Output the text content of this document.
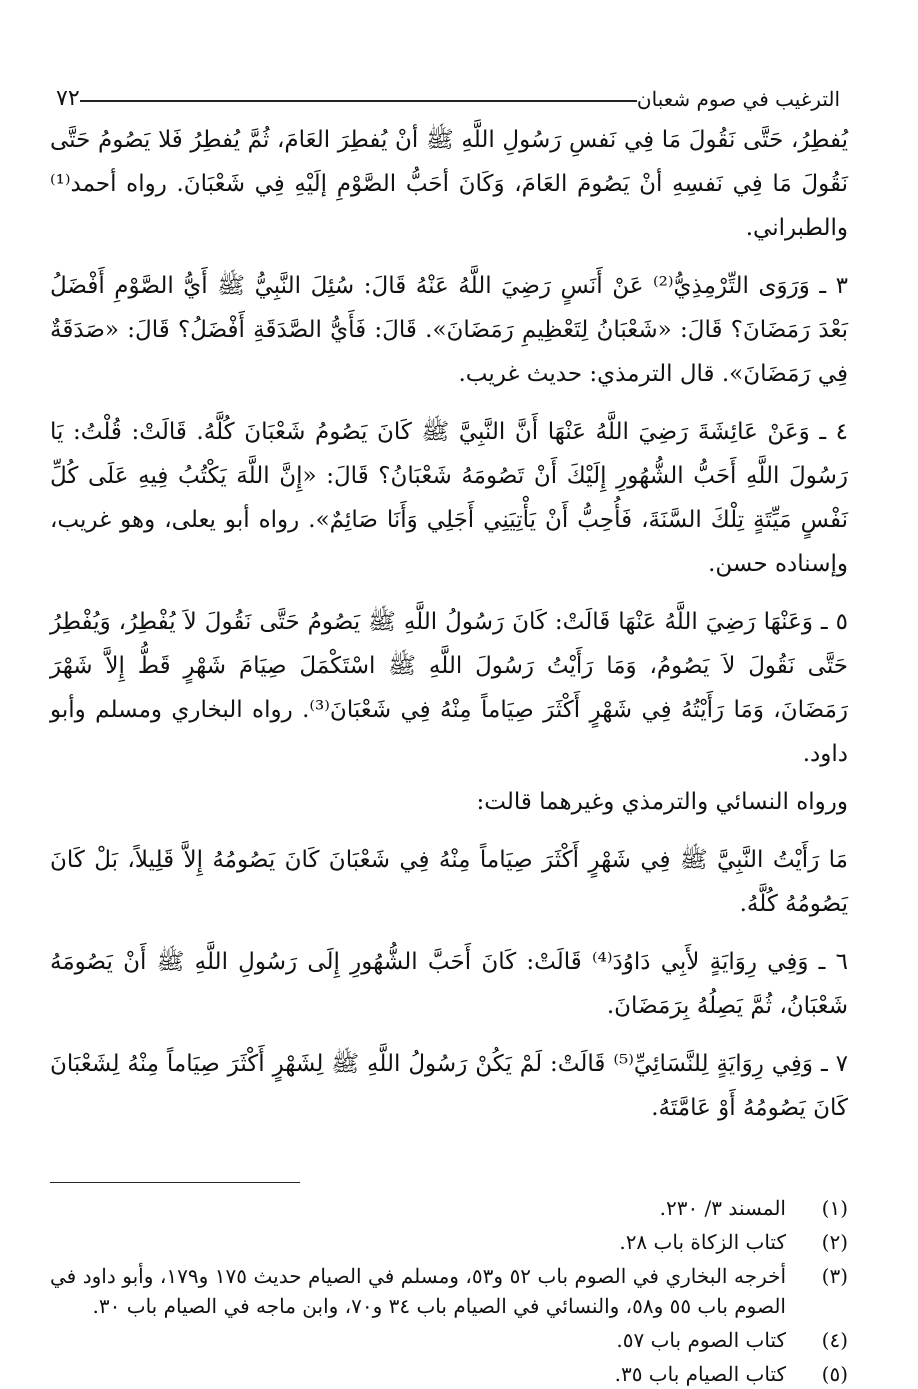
الترغيب في صوم شعبان
٧٢

يُفطِرُ، حَتَّى نَقُولَ مَا فِي نَفسِ رَسُولِ اللَّهِ ﷺ أنْ يُفطِرَ العَامَ، ثُمَّ يُفطِرُ فَلا يَصُومُ حَتَّى نَقُولَ مَا فِي نَفسِهِ أنْ يَصُومَ العَامَ، وَكَانَ أحَبُّ الصَّوْمِ إلَيْهِ فِي شَعْبَانَ. رواه أحمد⁽¹⁾ والطبراني.

٣ ـ وَرَوَى التِّرْمِذِيُّ⁽²⁾ عَنْ أَنَسٍ رَضِيَ اللَّهُ عَنْهُ قَالَ: سُئِلَ النَّبِيُّ ﷺ أَيُّ الصَّوْمِ أَفْضَلُ بَعْدَ رَمَضَانَ؟ قَالَ: «شَعْبَانُ لِتَعْظِيمِ رَمَضَانَ». قَالَ: فَأَيُّ الصَّدَقَةِ أَفْضَلُ؟ قَالَ: «صَدَقَةٌ فِي رَمَضَانَ». قال الترمذي: حديث غريب.

٤ ـ وَعَنْ عَائِشَةَ رَضِيَ اللَّهُ عَنْهَا أَنَّ النَّبِيَّ ﷺ كَانَ يَصُومُ شَعْبَانَ كُلَّهُ. قَالَتْ: قُلْتُ: يَا رَسُولَ اللَّهِ أَحَبُّ الشُّهُورِ إِلَيْكَ أَنْ تَصُومَهُ شَعْبَانُ؟ قَالَ: «إِنَّ اللَّهَ يَكْتُبُ فِيهِ عَلَى كُلِّ نَفْسٍ مَيِّتَةٍ تِلْكَ السَّنَةَ، فَأُحِبُّ أَنْ يَأْتِيَنِي أَجَلِي وَأَنَا صَائِمٌ». رواه أبو يعلى، وهو غريب، وإسناده حسن.

٥ ـ وَعَنْهَا رَضِيَ اللَّهُ عَنْهَا قَالَتْ: كَانَ رَسُولُ اللَّهِ ﷺ يَصُومُ حَتَّى نَقُولَ لاَ يُفْطِرُ، وَيُفْطِرُ حَتَّى نَقُولَ لاَ يَصُومُ، وَمَا رَأَيْتُ رَسُولَ اللَّهِ ﷺ اسْتَكْمَلَ صِيَامَ شَهْرٍ قَطُّ إِلاَّ شَهْرَ رَمَضَانَ، وَمَا رَأَيْتُهُ فِي شَهْرٍ أَكْثَرَ صِيَاماً مِنْهُ فِي شَعْبَانَ⁽³⁾. رواه البخاري ومسلم وأبو داود.

ورواه النسائي والترمذي وغيرهما قالت:

مَا رَأَيْتُ النَّبِيَّ ﷺ فِي شَهْرٍ أَكْثَرَ صِيَاماً مِنْهُ فِي شَعْبَانَ كَانَ يَصُومُهُ إِلاَّ قَلِيلاً، بَلْ كَانَ يَصُومُهُ كُلَّهُ.

٦ ـ وَفِي رِوَايَةٍ لأَبِي دَاوُدَ⁽⁴⁾ قَالَتْ: كَانَ أَحَبَّ الشُّهُورِ إِلَى رَسُولِ اللَّهِ ﷺ أَنْ يَصُومَهُ شَعْبَانُ، ثُمَّ يَصِلُهُ بِرَمَضَانَ.

٧ ـ وَفِي رِوَايَةٍ لِلنَّسَائِيِّ⁽⁵⁾ قَالَتْ: لَمْ يَكُنْ رَسُولُ اللَّهِ ﷺ لِشَهْرٍ أَكْثَرَ صِيَاماً مِنْهُ لِشَعْبَانَ كَانَ يَصُومُهُ أَوْ عَامَّتَهُ.

(١)
المسند ٣/ ٢٣٠.
(٢)
كتاب الزكاة باب ٢٨.
(٣)
أخرجه البخاري في الصوم باب ٥٢ و٥٣، ومسلم في الصيام حديث ١٧٥ و١٧٩، وأبو داود في الصوم باب ٥٥ و٥٨، والنسائي في الصيام باب ٣٤ و٧٠، وابن ماجه في الصيام باب ٣٠.
(٤)
كتاب الصوم باب ٥٧.
(٥)
كتاب الصيام باب ٣٥.
